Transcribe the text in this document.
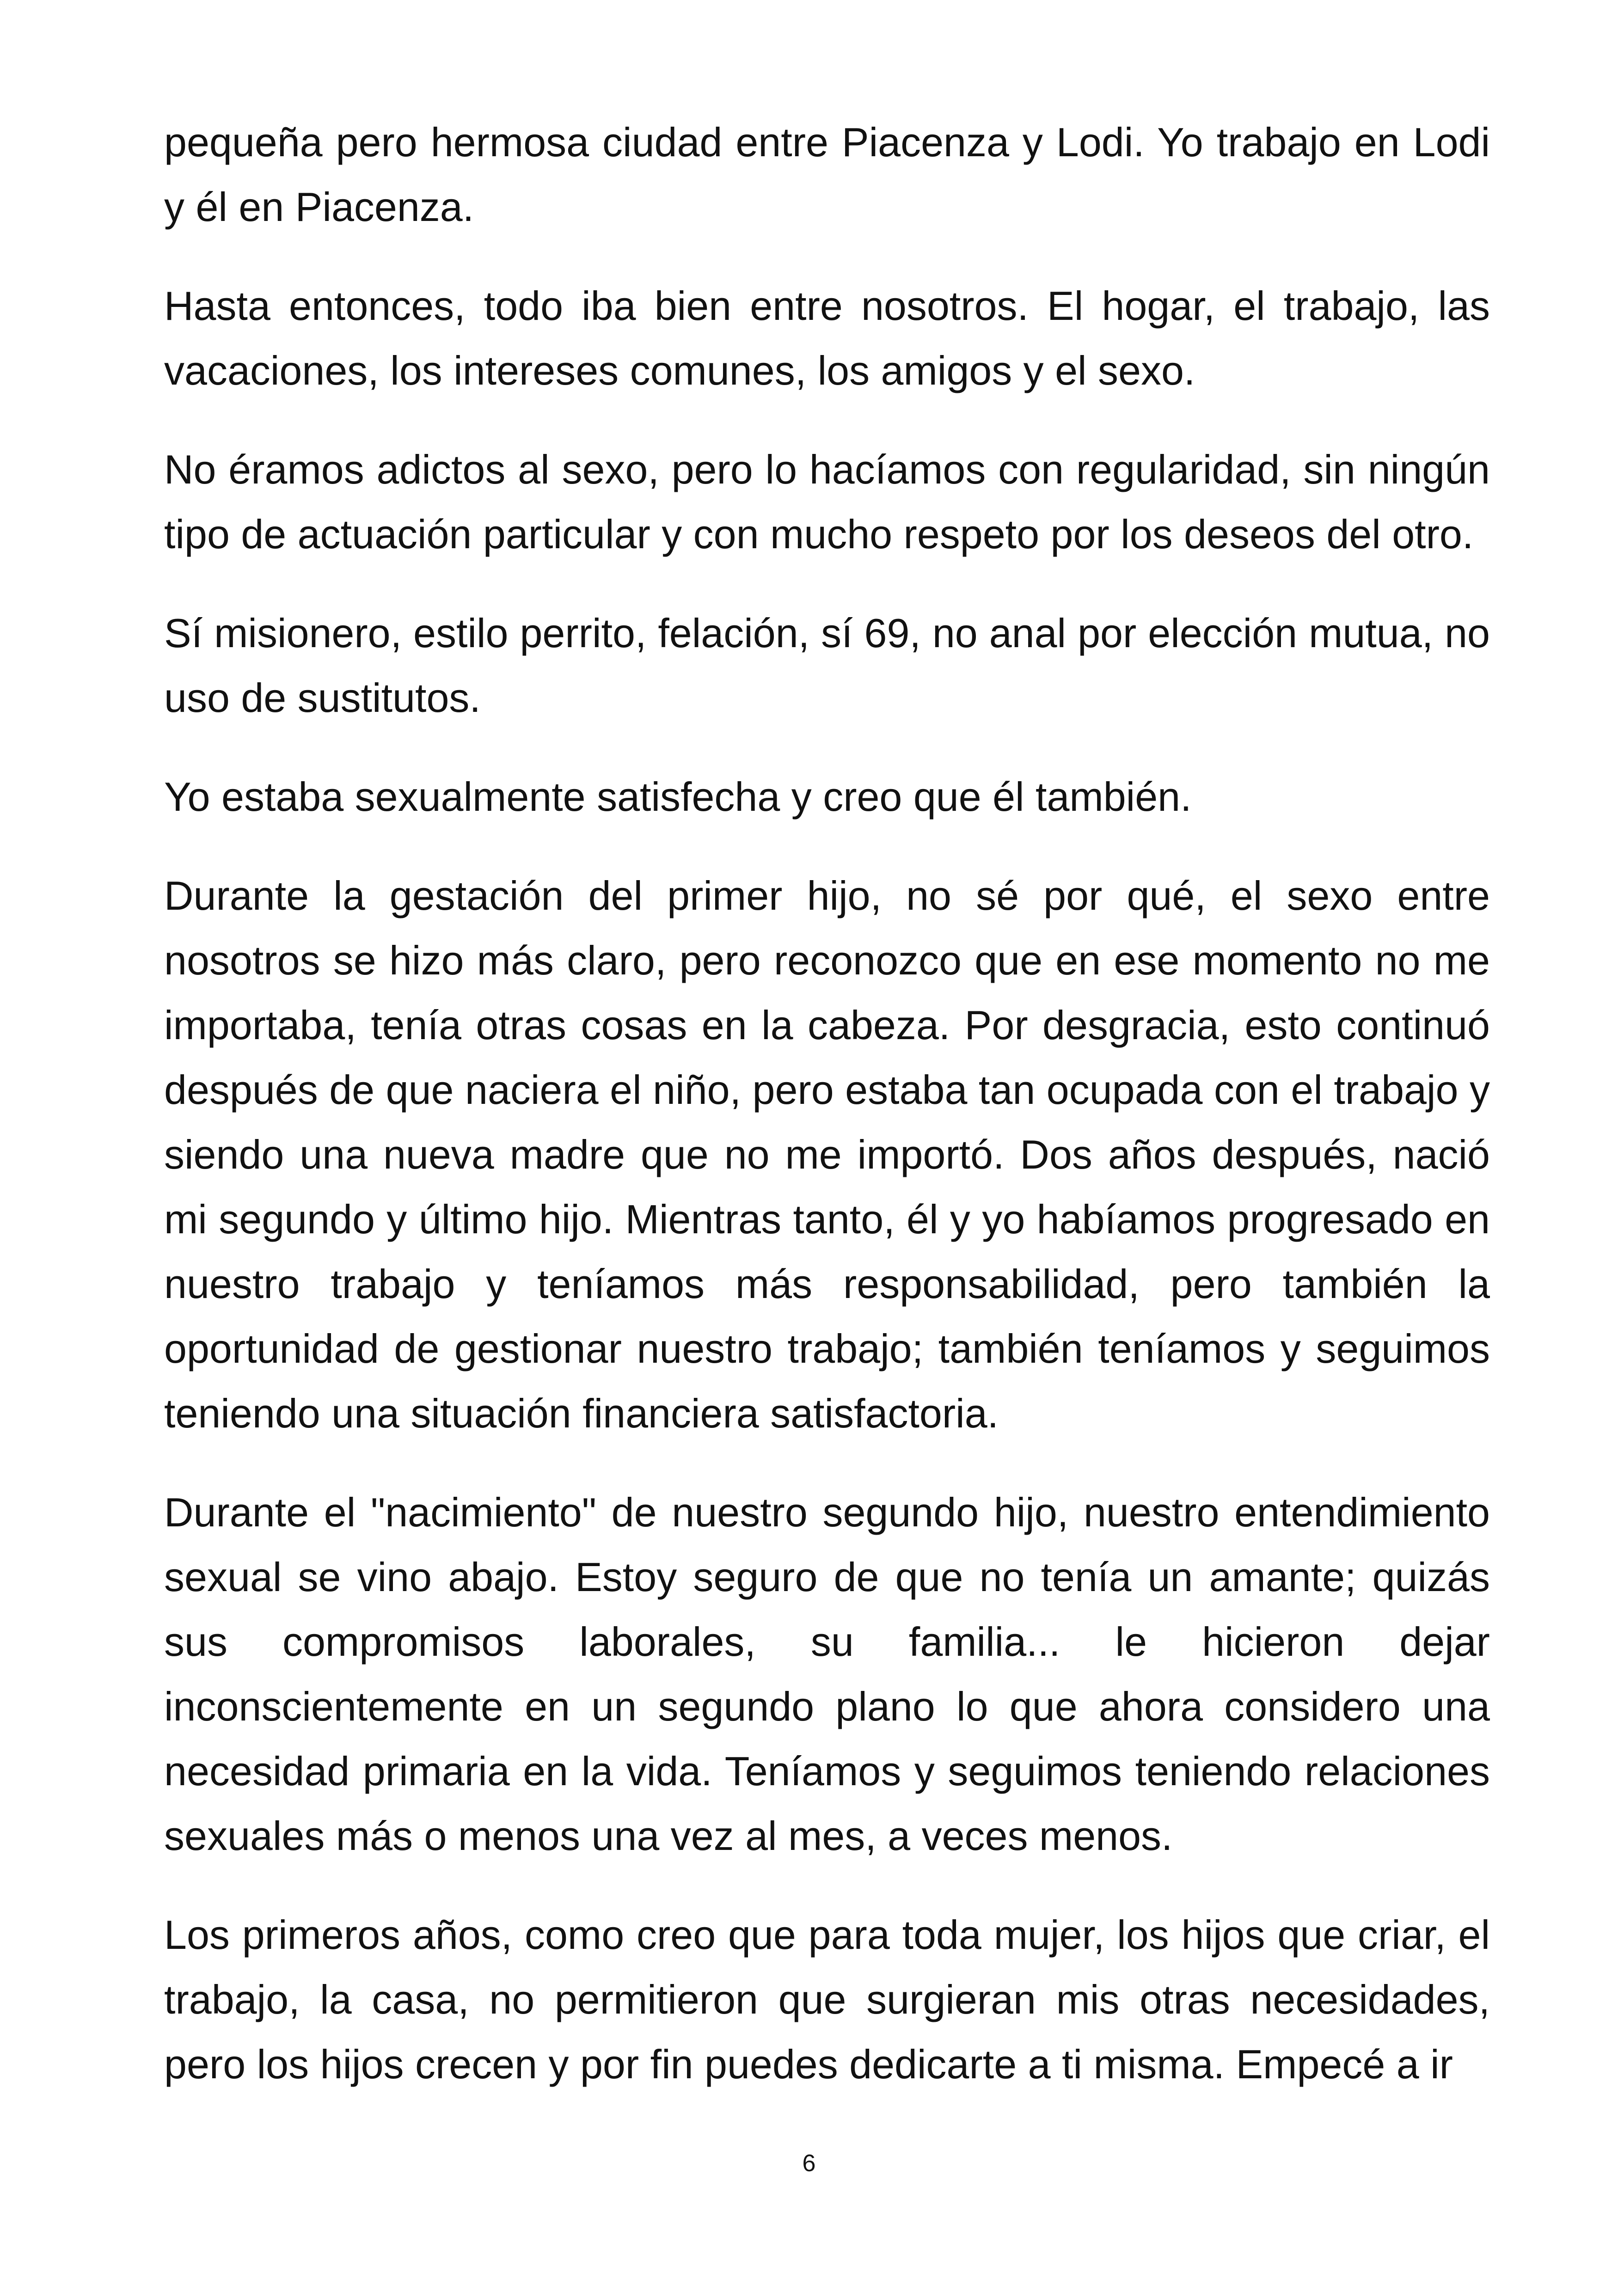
pequeña pero hermosa ciudad entre Piacenza y Lodi. Yo trabajo en Lodi y él en Piacenza.

Hasta entonces, todo iba bien entre nosotros. El hogar, el trabajo, las vacaciones, los intereses comunes, los amigos y el sexo.

No éramos adictos al sexo, pero lo hacíamos con regularidad, sin ningún tipo de actuación particular y con mucho respeto por los deseos del otro.

Sí misionero, estilo perrito, felación, sí 69, no anal por elección mutua, no uso de sustitutos.

Yo estaba sexualmente satisfecha y creo que él también.

Durante la gestación del primer hijo, no sé por qué, el sexo entre nosotros se hizo más claro, pero reconozco que en ese momento no me importaba, tenía otras cosas en la cabeza. Por desgracia, esto continuó después de que naciera el niño, pero estaba tan ocupada con el trabajo y siendo una nueva madre que no me importó. Dos años después, nació mi segundo y último hijo. Mientras tanto, él y yo habíamos progresado en nuestro trabajo y teníamos más responsabilidad, pero también la oportunidad de gestionar nuestro trabajo; también teníamos y seguimos teniendo una situación financiera satisfactoria.

Durante el "nacimiento" de nuestro segundo hijo, nuestro entendimiento sexual se vino abajo. Estoy seguro de que no tenía un amante; quizás sus compromisos laborales, su familia... le hicieron dejar inconscientemente en un segundo plano lo que ahora considero una necesidad primaria en la vida. Teníamos y seguimos teniendo relaciones sexuales más o menos una vez al mes, a veces menos.

Los primeros años, como creo que para toda mujer, los hijos que criar, el trabajo, la casa, no permitieron que surgieran mis otras necesidades, pero los hijos crecen y por fin puedes dedicarte a ti misma. Empecé a ir

6
